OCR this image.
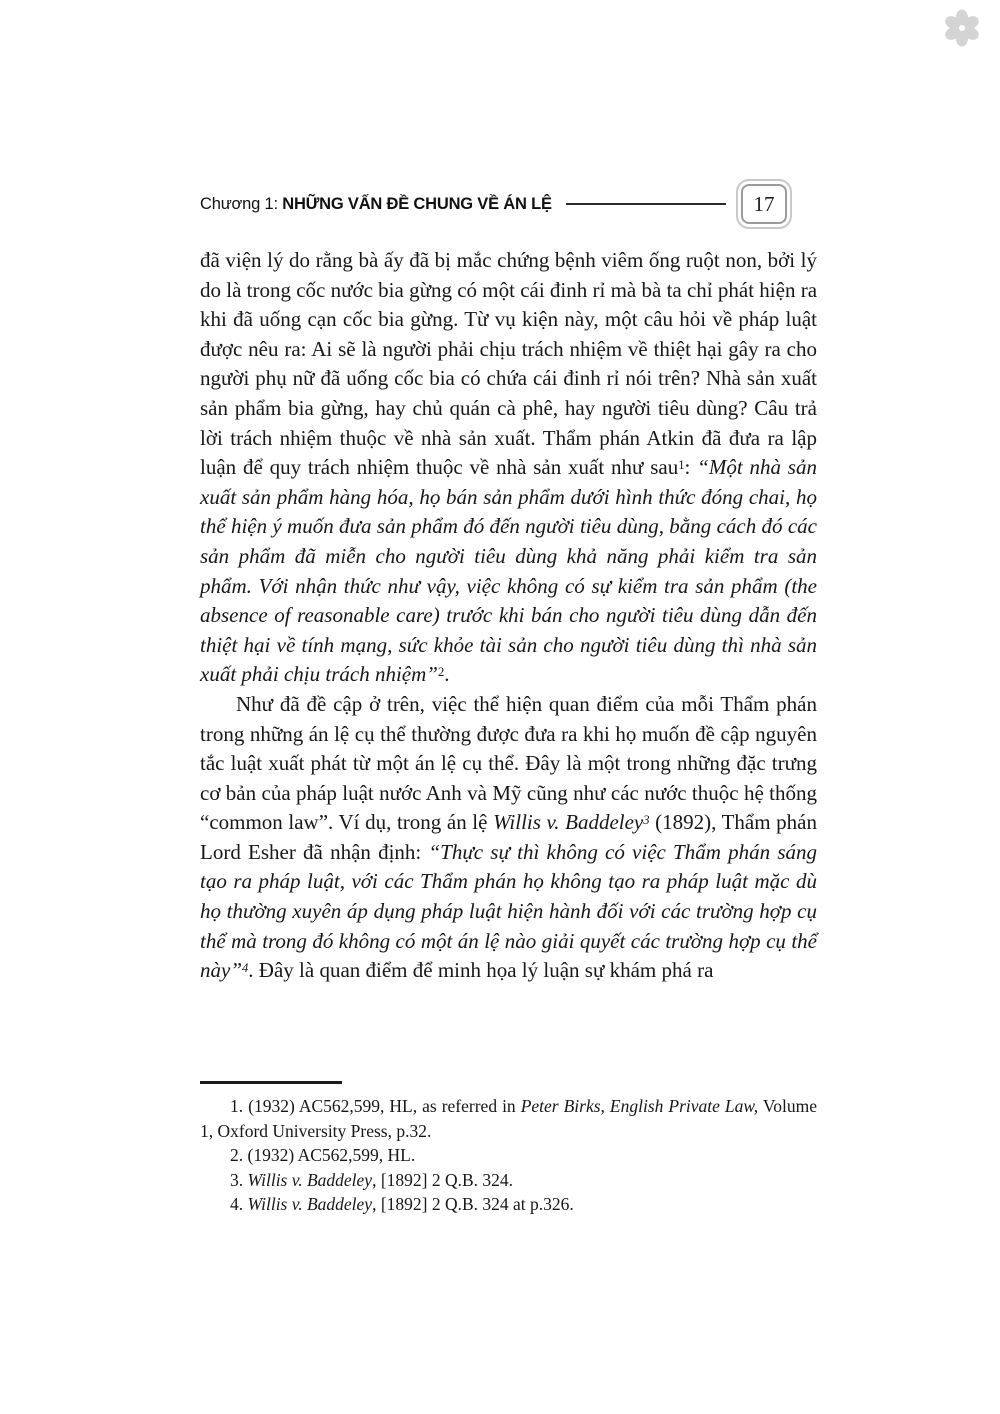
Chương 1: NHỮNG VẤN ĐỀ CHUNG VỀ ÁN LỆ	17

đã viện lý do rằng bà ấy đã bị mắc chứng bệnh viêm ống ruột non, bởi lý do là trong cốc nước bia gừng có một cái đinh rỉ mà bà ta chỉ phát hiện ra khi đã uống cạn cốc bia gừng. Từ vụ kiện này, một câu hỏi về pháp luật được nêu ra: Ai sẽ là người phải chịu trách nhiệm về thiệt hại gây ra cho người phụ nữ đã uống cốc bia có chứa cái đinh rỉ nói trên? Nhà sản xuất sản phẩm bia gừng, hay chủ quán cà phê, hay người tiêu dùng? Câu trả lời trách nhiệm thuộc về nhà sản xuất. Thẩm phán Atkin đã đưa ra lập luận để quy trách nhiệm thuộc về nhà sản xuất như sau$^1$: “Một nhà sản xuất sản phẩm hàng hóa, họ bán sản phẩm dưới hình thức đóng chai, họ thể hiện ý muốn đưa sản phẩm đó đến người tiêu dùng, bằng cách đó các sản phẩm đã miễn cho người tiêu dùng khả năng phải kiểm tra sản phẩm. Với nhận thức như vậy, việc không có sự kiểm tra sản phẩm (the absence of reasonable care) trước khi bán cho người tiêu dùng dẫn đến thiệt hại về tính mạng, sức khỏe tài sản cho người tiêu dùng thì nhà sản xuất phải chịu trách nhiệm”$^2$.

Như đã đề cập ở trên, việc thể hiện quan điểm của mỗi Thẩm phán trong những án lệ cụ thể thường được đưa ra khi họ muốn đề cập nguyên tắc luật xuất phát từ một án lệ cụ thể. Đây là một trong những đặc trưng cơ bản của pháp luật nước Anh và Mỹ cũng như các nước thuộc hệ thống “common law”. Ví dụ, trong án lệ Willis v. Baddeley$^3$ (1892), Thẩm phán Lord Esher đã nhận định: “Thực sự thì không có việc Thẩm phán sáng tạo ra pháp luật, với các Thẩm phán họ không tạo ra pháp luật mặc dù họ thường xuyên áp dụng pháp luật hiện hành đối với các trường hợp cụ thể mà trong đó không có một án lệ nào giải quyết các trường hợp cụ thể này”$^4$. Đây là quan điểm để minh họa lý luận sự khám phá ra

1. (1932) AC562,599, HL, as referred in Peter Birks, English Private Law, Volume 1, Oxford University Press, p.32.

2. (1932) AC562,599, HL.

3. Willis v. Baddeley, [1892] 2 Q.B. 324.

4. Willis v. Baddeley, [1892] 2 Q.B. 324 at p.326.
